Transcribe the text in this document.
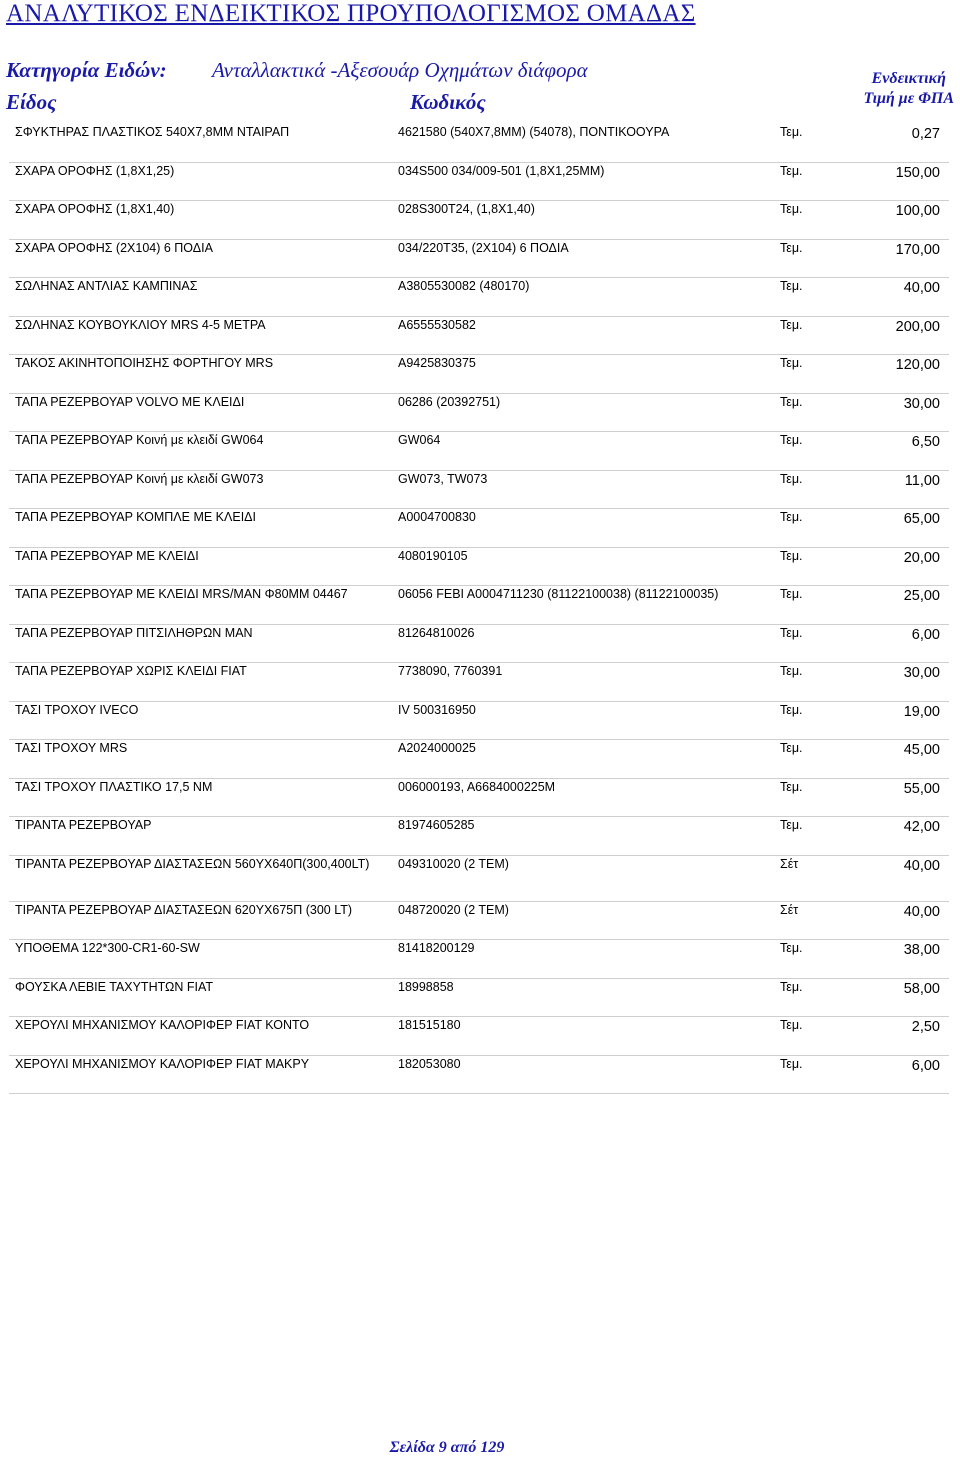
ΑΝΑΛΥΤΙΚΟΣ ΕΝΔΕΙΚΤΙΚΟΣ ΠΡΟΥΠΟΛΟΓΙΣΜΟΣ ΟΜΑΔΑΣ
Κατηγορία Ειδών: Ανταλλακτικά -Αξεσουάρ Οχημάτων διάφορα
Είδος	Κωδικός
Ενδεικτική
Τιμή με ΦΠΑ
ΣΦΥΚΤΗΡΑΣ ΠΛΑΣΤΙΚΟΣ 540Χ7,8ΜΜ ΝΤΑΙΡΑΠ	4621580 (540Χ7,8ΜΜ) (54078), ΠΟΝΤΙΚΟΟΥΡΑ	Τεμ.	0,27
ΣΧΑΡΑ ΟΡΟΦΗΣ (1,8Χ1,25)	034S500 034/009-501 (1,8X1,25MM)	Τεμ.	150,00
ΣΧΑΡΑ ΟΡΟΦΗΣ (1,8Χ1,40)	028S300T24, (1,8X1,40)	Τεμ.	100,00
ΣΧΑΡΑ ΟΡΟΦΗΣ (2Χ104) 6 ΠΟΔΙΑ	034/220T35, (2X104) 6 ΠΟΔΙΑ	Τεμ.	170,00
ΣΩΛΗΝΑΣ ΑΝΤΛΙΑΣ ΚΑΜΠΙΝΑΣ	A3805530082 (480170)	Τεμ.	40,00
ΣΩΛΗΝΑΣ ΚΟΥΒΟΥΚΛΙΟΥ MRS 4-5 ΜΕΤΡΑ	A6555530582	Τεμ.	200,00
ΤΑΚΟΣ ΑΚΙΝΗΤΟΠΟΙΗΣΗΣ ΦΟΡΤΗΓΟΥ MRS	A9425830375	Τεμ.	120,00
ΤΑΠΑ ΡΕΖΕΡΒΟΥΑΡ VOLVO ΜΕ ΚΛΕΙΔΙ	06286 (20392751)	Τεμ.	30,00
ΤΑΠΑ ΡΕΖΕΡΒΟΥΑΡ Κοινή με κλειδί GW064	GW064	Τεμ.	6,50
ΤΑΠΑ ΡΕΖΕΡΒΟΥΑΡ Κοινή με κλειδί GW073	GW073, TW073	Τεμ.	11,00
ΤΑΠΑ ΡΕΖΕΡΒΟΥΑΡ ΚΟΜΠΛΕ ΜΕ ΚΛΕΙΔΙ	A0004700830	Τεμ.	65,00
ΤΑΠΑ ΡΕΖΕΡΒΟΥΑΡ ΜΕ ΚΛΕΙΔΙ	4080190105	Τεμ.	20,00
ΤΑΠΑ ΡΕΖΕΡΒΟΥΑΡ ΜΕ ΚΛΕΙΔΙ MRS/MAN Φ80ΜΜ 04467	06056 FEBI A0004711230 (81122100038) (81122100035)	Τεμ.	25,00
ΤΑΠΑ ΡΕΖΕΡΒΟΥΑΡ ΠΙΤΣΙΛΗΘΡΩΝ MAN	81264810026	Τεμ.	6,00
ΤΑΠΑ ΡΕΖΕΡΒΟΥΑΡ ΧΩΡΙΣ ΚΛΕΙΔΙ FIAT	7738090, 7760391	Τεμ.	30,00
ΤΑΣΙ ΤΡΟΧΟΥ IVECO	IV 500316950	Τεμ.	19,00
ΤΑΣΙ ΤΡΟΧΟΥ MRS	A2024000025	Τεμ.	45,00
ΤΑΣΙ ΤΡΟΧΟΥ ΠΛΑΣΤΙΚΟ 17,5 ΝΜ	006000193, A6684000225M	Τεμ.	55,00
ΤΙΡΑΝΤΑ ΡΕΖΕΡΒΟΥΑΡ	81974605285	Τεμ.	42,00
ΤΙΡΑΝΤΑ ΡΕΖΕΡΒΟΥΑΡ ΔΙΑΣΤΑΣΕΩΝ 560ΥΧ640Π(300,400LT)	049310020 (2 ΤΕΜ)	Σέτ	40,00
ΤΙΡΑΝΤΑ ΡΕΖΕΡΒΟΥΑΡ ΔΙΑΣΤΑΣΕΩΝ 620ΥΧ675Π (300 LT)	048720020 (2 ΤΕΜ)	Σέτ	40,00
ΥΠΟΘΕΜΑ 122*300-CR1-60-SW	81418200129	Τεμ.	38,00
ΦΟΥΣΚΑ ΛΕΒΙΕ ΤΑΧΥΤΗΤΩΝ FIAT	18998858	Τεμ.	58,00
ΧΕΡΟΥΛΙ ΜΗΧΑΝΙΣΜΟΥ ΚΑΛΟΡΙΦΕΡ FIAT ΚΟΝΤΟ	181515180	Τεμ.	2,50
ΧΕΡΟΥΛΙ ΜΗΧΑΝΙΣΜΟΥ ΚΑΛΟΡΙΦΕΡ FIAT ΜΑΚΡΥ	182053080	Τεμ.	6,00
Σελίδα 9 από 129
